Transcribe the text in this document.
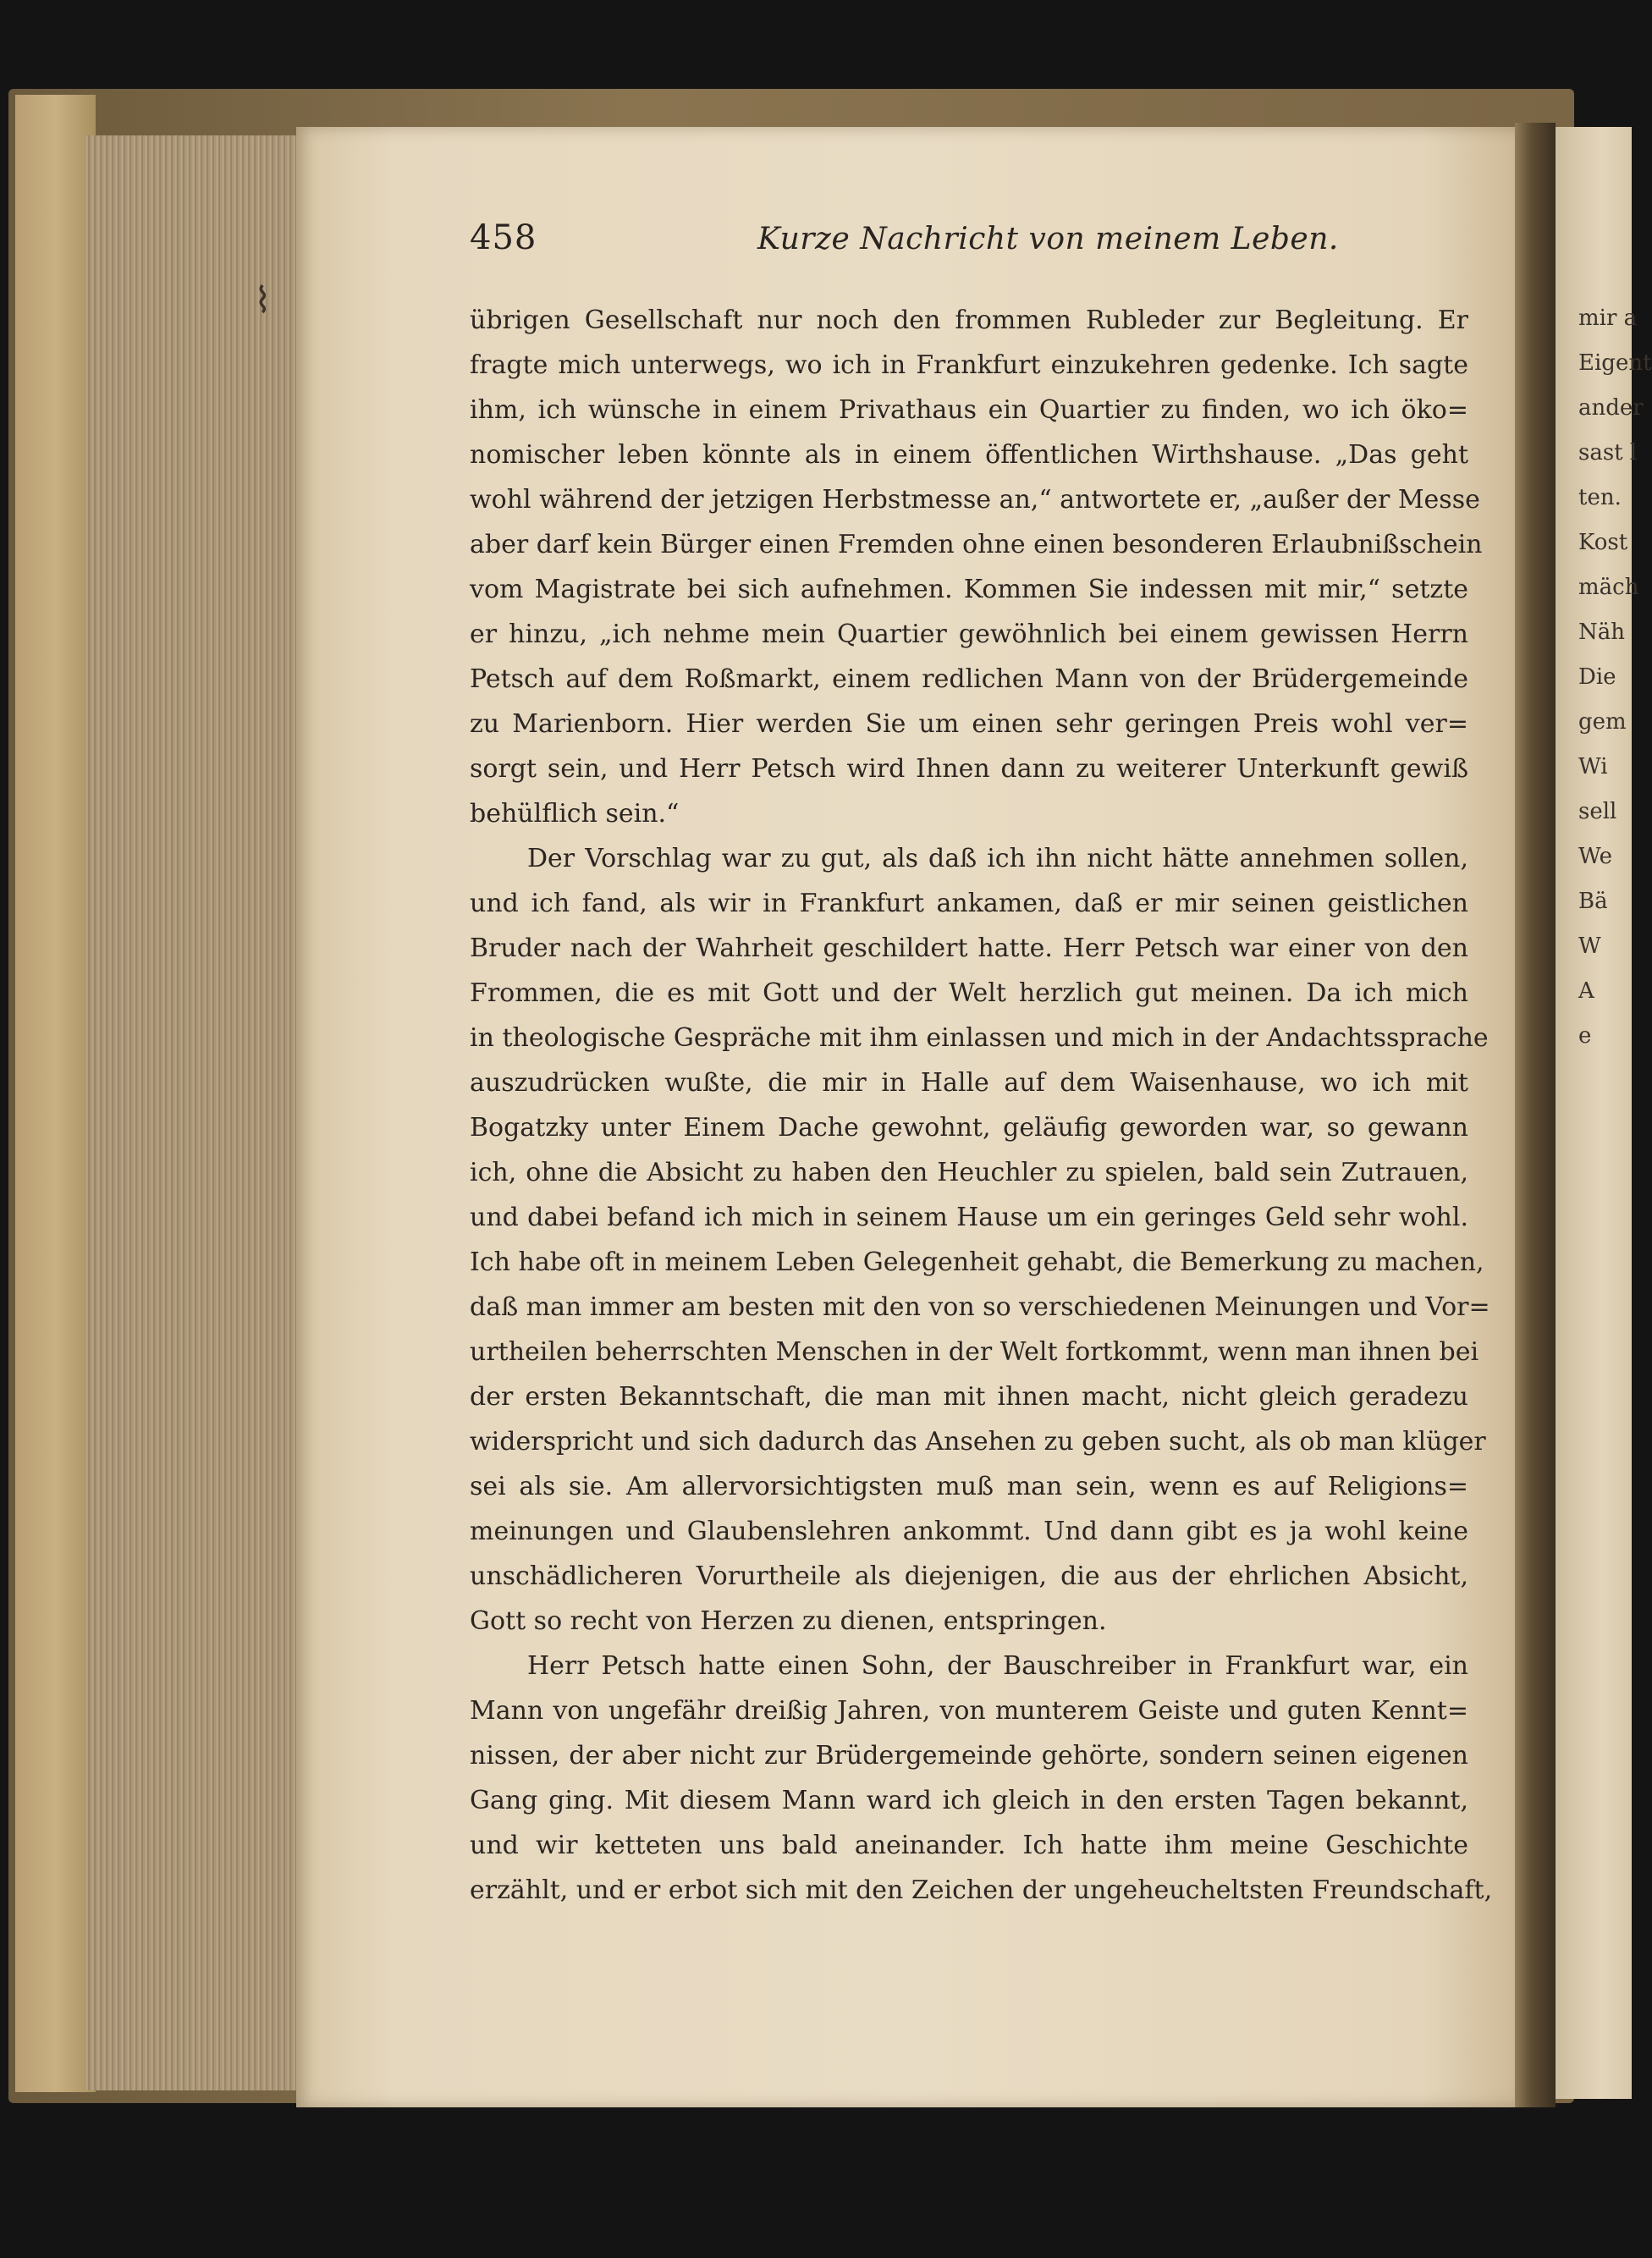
458	Kurze Nachricht von meinem Leben.
übrigen Gesellschaft nur noch den frommen Rubleder zur Begleitung. Er
fragte mich unterwegs, wo ich in Frankfurt einzukehren gedenke. Ich sagte
ihm, ich wünsche in einem Privathaus ein Quartier zu finden, wo ich öko=
nomischer leben könnte als in einem öffentlichen Wirthshause. „Das geht
wohl während der jetzigen Herbstmesse an,“ antwortete er, „außer der Messe
aber darf kein Bürger einen Fremden ohne einen besonderen Erlaubnißschein
vom Magistrate bei sich aufnehmen. Kommen Sie indessen mit mir,“ setzte
er hinzu, „ich nehme mein Quartier gewöhnlich bei einem gewissen Herrn
Petsch auf dem Roßmarkt, einem redlichen Mann von der Brüdergemeinde
zu Marienborn. Hier werden Sie um einen sehr geringen Preis wohl ver=
sorgt sein, und Herr Petsch wird Ihnen dann zu weiterer Unterkunft gewiß
behülflich sein.“
Der Vorschlag war zu gut, als daß ich ihn nicht hätte annehmen sollen,
und ich fand, als wir in Frankfurt ankamen, daß er mir seinen geistlichen
Bruder nach der Wahrheit geschildert hatte. Herr Petsch war einer von den
Frommen, die es mit Gott und der Welt herzlich gut meinen. Da ich mich
in theologische Gespräche mit ihm einlassen und mich in der Andachtssprache
auszudrücken wußte, die mir in Halle auf dem Waisenhause, wo ich mit
Bogatzky unter Einem Dache gewohnt, geläufig geworden war, so gewann
ich, ohne die Absicht zu haben den Heuchler zu spielen, bald sein Zutrauen,
und dabei befand ich mich in seinem Hause um ein geringes Geld sehr wohl.
Ich habe oft in meinem Leben Gelegenheit gehabt, die Bemerkung zu machen,
daß man immer am besten mit den von so verschiedenen Meinungen und Vor=
urtheilen beherrschten Menschen in der Welt fortkommt, wenn man ihnen bei
der ersten Bekanntschaft, die man mit ihnen macht, nicht gleich geradezu
widerspricht und sich dadurch das Ansehen zu geben sucht, als ob man klüger
sei als sie. Am allervorsichtigsten muß man sein, wenn es auf Religions=
meinungen und Glaubenslehren ankommt. Und dann gibt es ja wohl keine
unschädlicheren Vorurtheile als diejenigen, die aus der ehrlichen Absicht,
Gott so recht von Herzen zu dienen, entspringen.
Herr Petsch hatte einen Sohn, der Bauschreiber in Frankfurt war, ein
Mann von ungefähr dreißig Jahren, von munterem Geiste und guten Kennt=
nissen, der aber nicht zur Brüdergemeinde gehörte, sondern seinen eigenen
Gang ging. Mit diesem Mann ward ich gleich in den ersten Tagen bekannt,
und wir ketteten uns bald aneinander. Ich hatte ihm meine Geschichte
erzählt, und er erbot sich mit den Zeichen der ungeheucheltsten Freundschaft,
mir a
Eigent
ander
sast l
ten.
Kost
mäch
Näh
Die
gem
Wi
sell
We
Bä
W
A
e
⌇
